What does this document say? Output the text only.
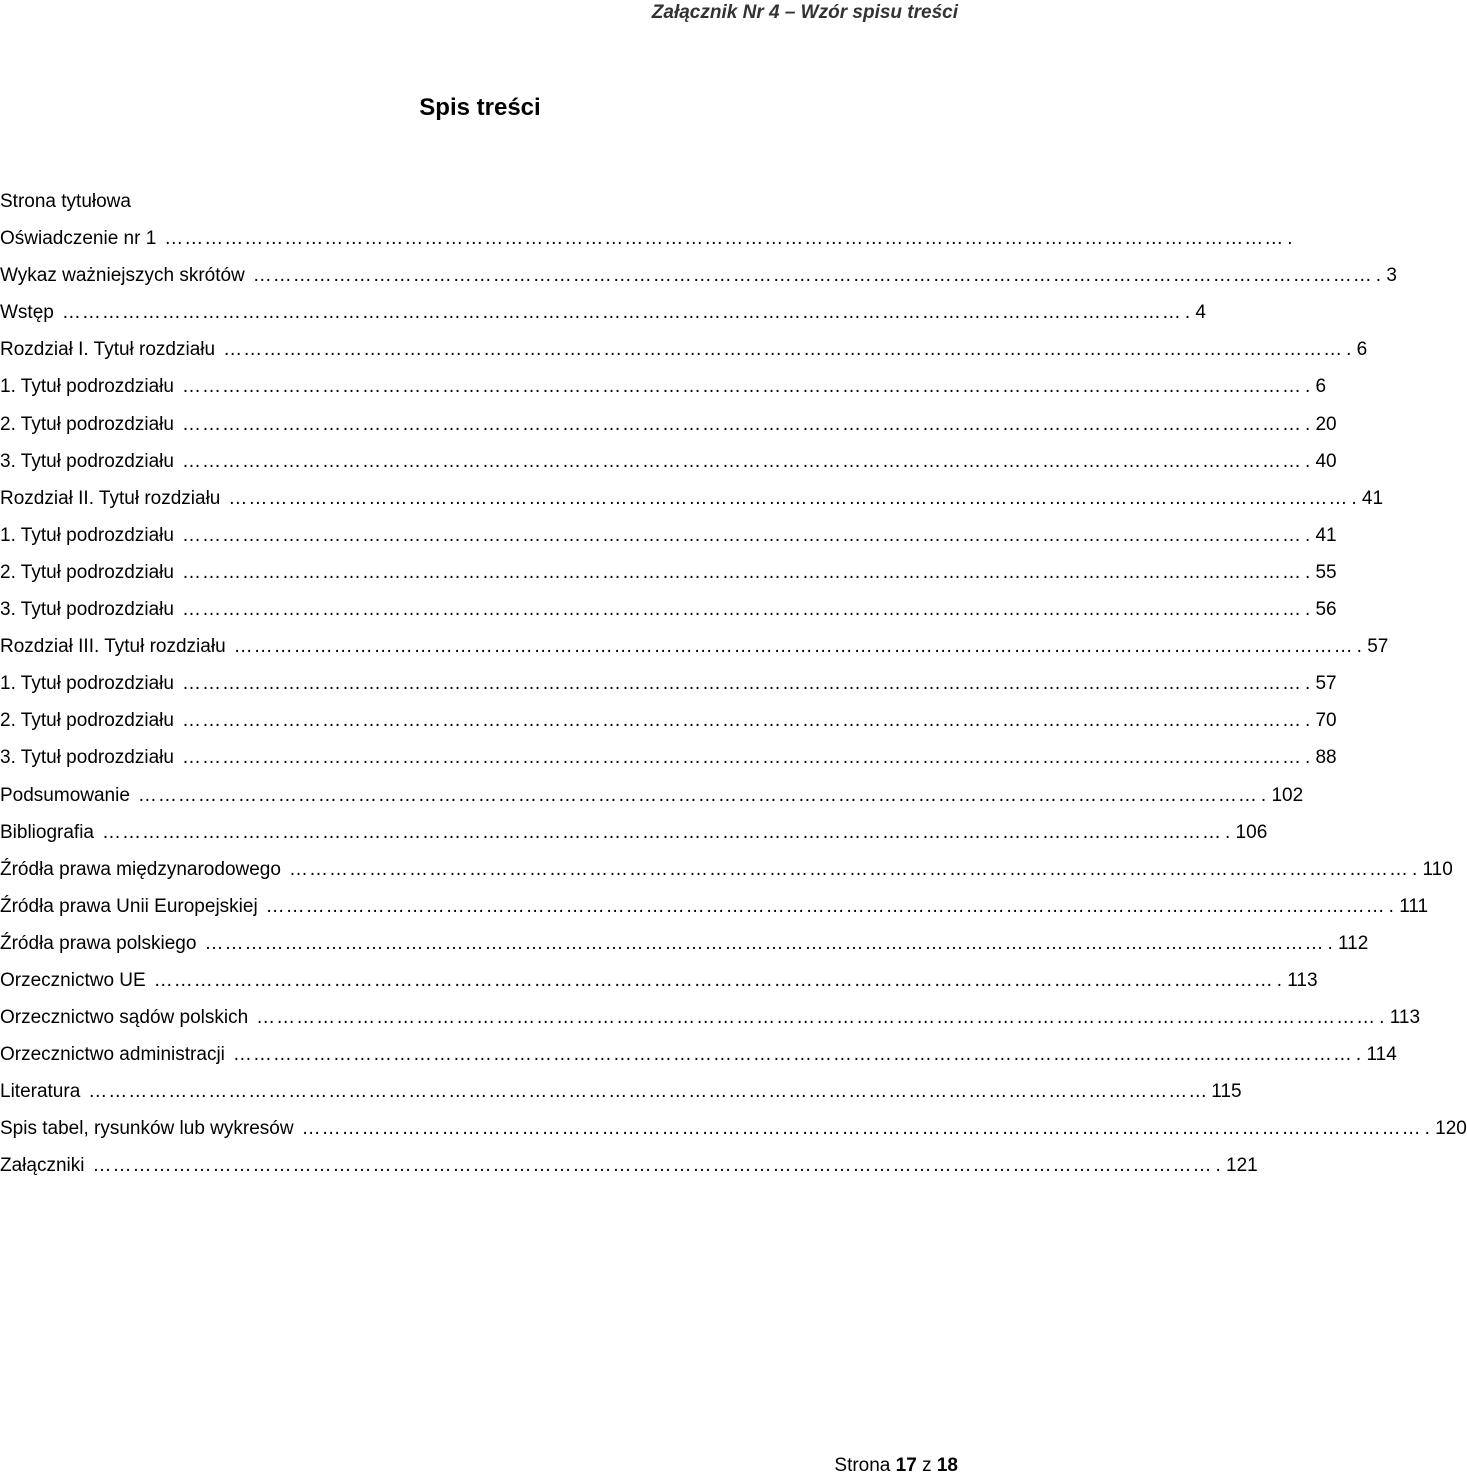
Załącznik Nr 4 – Wzór spisu treści
Spis treści
Strona tytułowa
Oświadczenie nr 1 …………………………………………………………………………………………………………………………………………………… .
Wykaz ważniejszych skrótów …………………………………………………………………………………………………………………………………………………… . 3
Wstęp …………………………………………………………………………………………………………………………………………………… . 4
Rozdział I. Tytuł rozdziału …………………………………………………………………………………………………………………………………………………… . 6
1. Tytuł podrozdziału …………………………………………………………………………………………………………………………………………………… . 6
2. Tytuł podrozdziału …………………………………………………………………………………………………………………………………………………… . 20
3. Tytuł podrozdziału …………………………………………………………………………………………………………………………………………………… . 40
Rozdział II. Tytuł rozdziału …………………………………………………………………………………………………………………………………………………… . 41
1. Tytuł podrozdziału …………………………………………………………………………………………………………………………………………………… . 41
2. Tytuł podrozdziału …………………………………………………………………………………………………………………………………………………… . 55
3. Tytuł podrozdziału …………………………………………………………………………………………………………………………………………………… . 56
Rozdział III. Tytuł rozdziału …………………………………………………………………………………………………………………………………………………… . 57
1. Tytuł podrozdziału …………………………………………………………………………………………………………………………………………………… . 57
2. Tytuł podrozdziału …………………………………………………………………………………………………………………………………………………… . 70
3. Tytuł podrozdziału …………………………………………………………………………………………………………………………………………………… . 88
Podsumowanie …………………………………………………………………………………………………………………………………………………… . 102
Bibliografia …………………………………………………………………………………………………………………………………………………… . 106
Źródła prawa międzynarodowego …………………………………………………………………………………………………………………………………………………… . 110
Źródła prawa Unii Europejskiej …………………………………………………………………………………………………………………………………………………… . 111
Źródła prawa polskiego …………………………………………………………………………………………………………………………………………………… . 112
Orzecznictwo UE …………………………………………………………………………………………………………………………………………………… . 113
Orzecznictwo sądów polskich …………………………………………………………………………………………………………………………………………………… . 113
Orzecznictwo administracji …………………………………………………………………………………………………………………………………………………… . 114
Literatura …………………………………………………………………………………………………………………………………………………… 115
Spis tabel, rysunków lub wykresów …………………………………………………………………………………………………………………………………………………… . 120
Załączniki …………………………………………………………………………………………………………………………………………………… . 121
Strona 17 z 18
